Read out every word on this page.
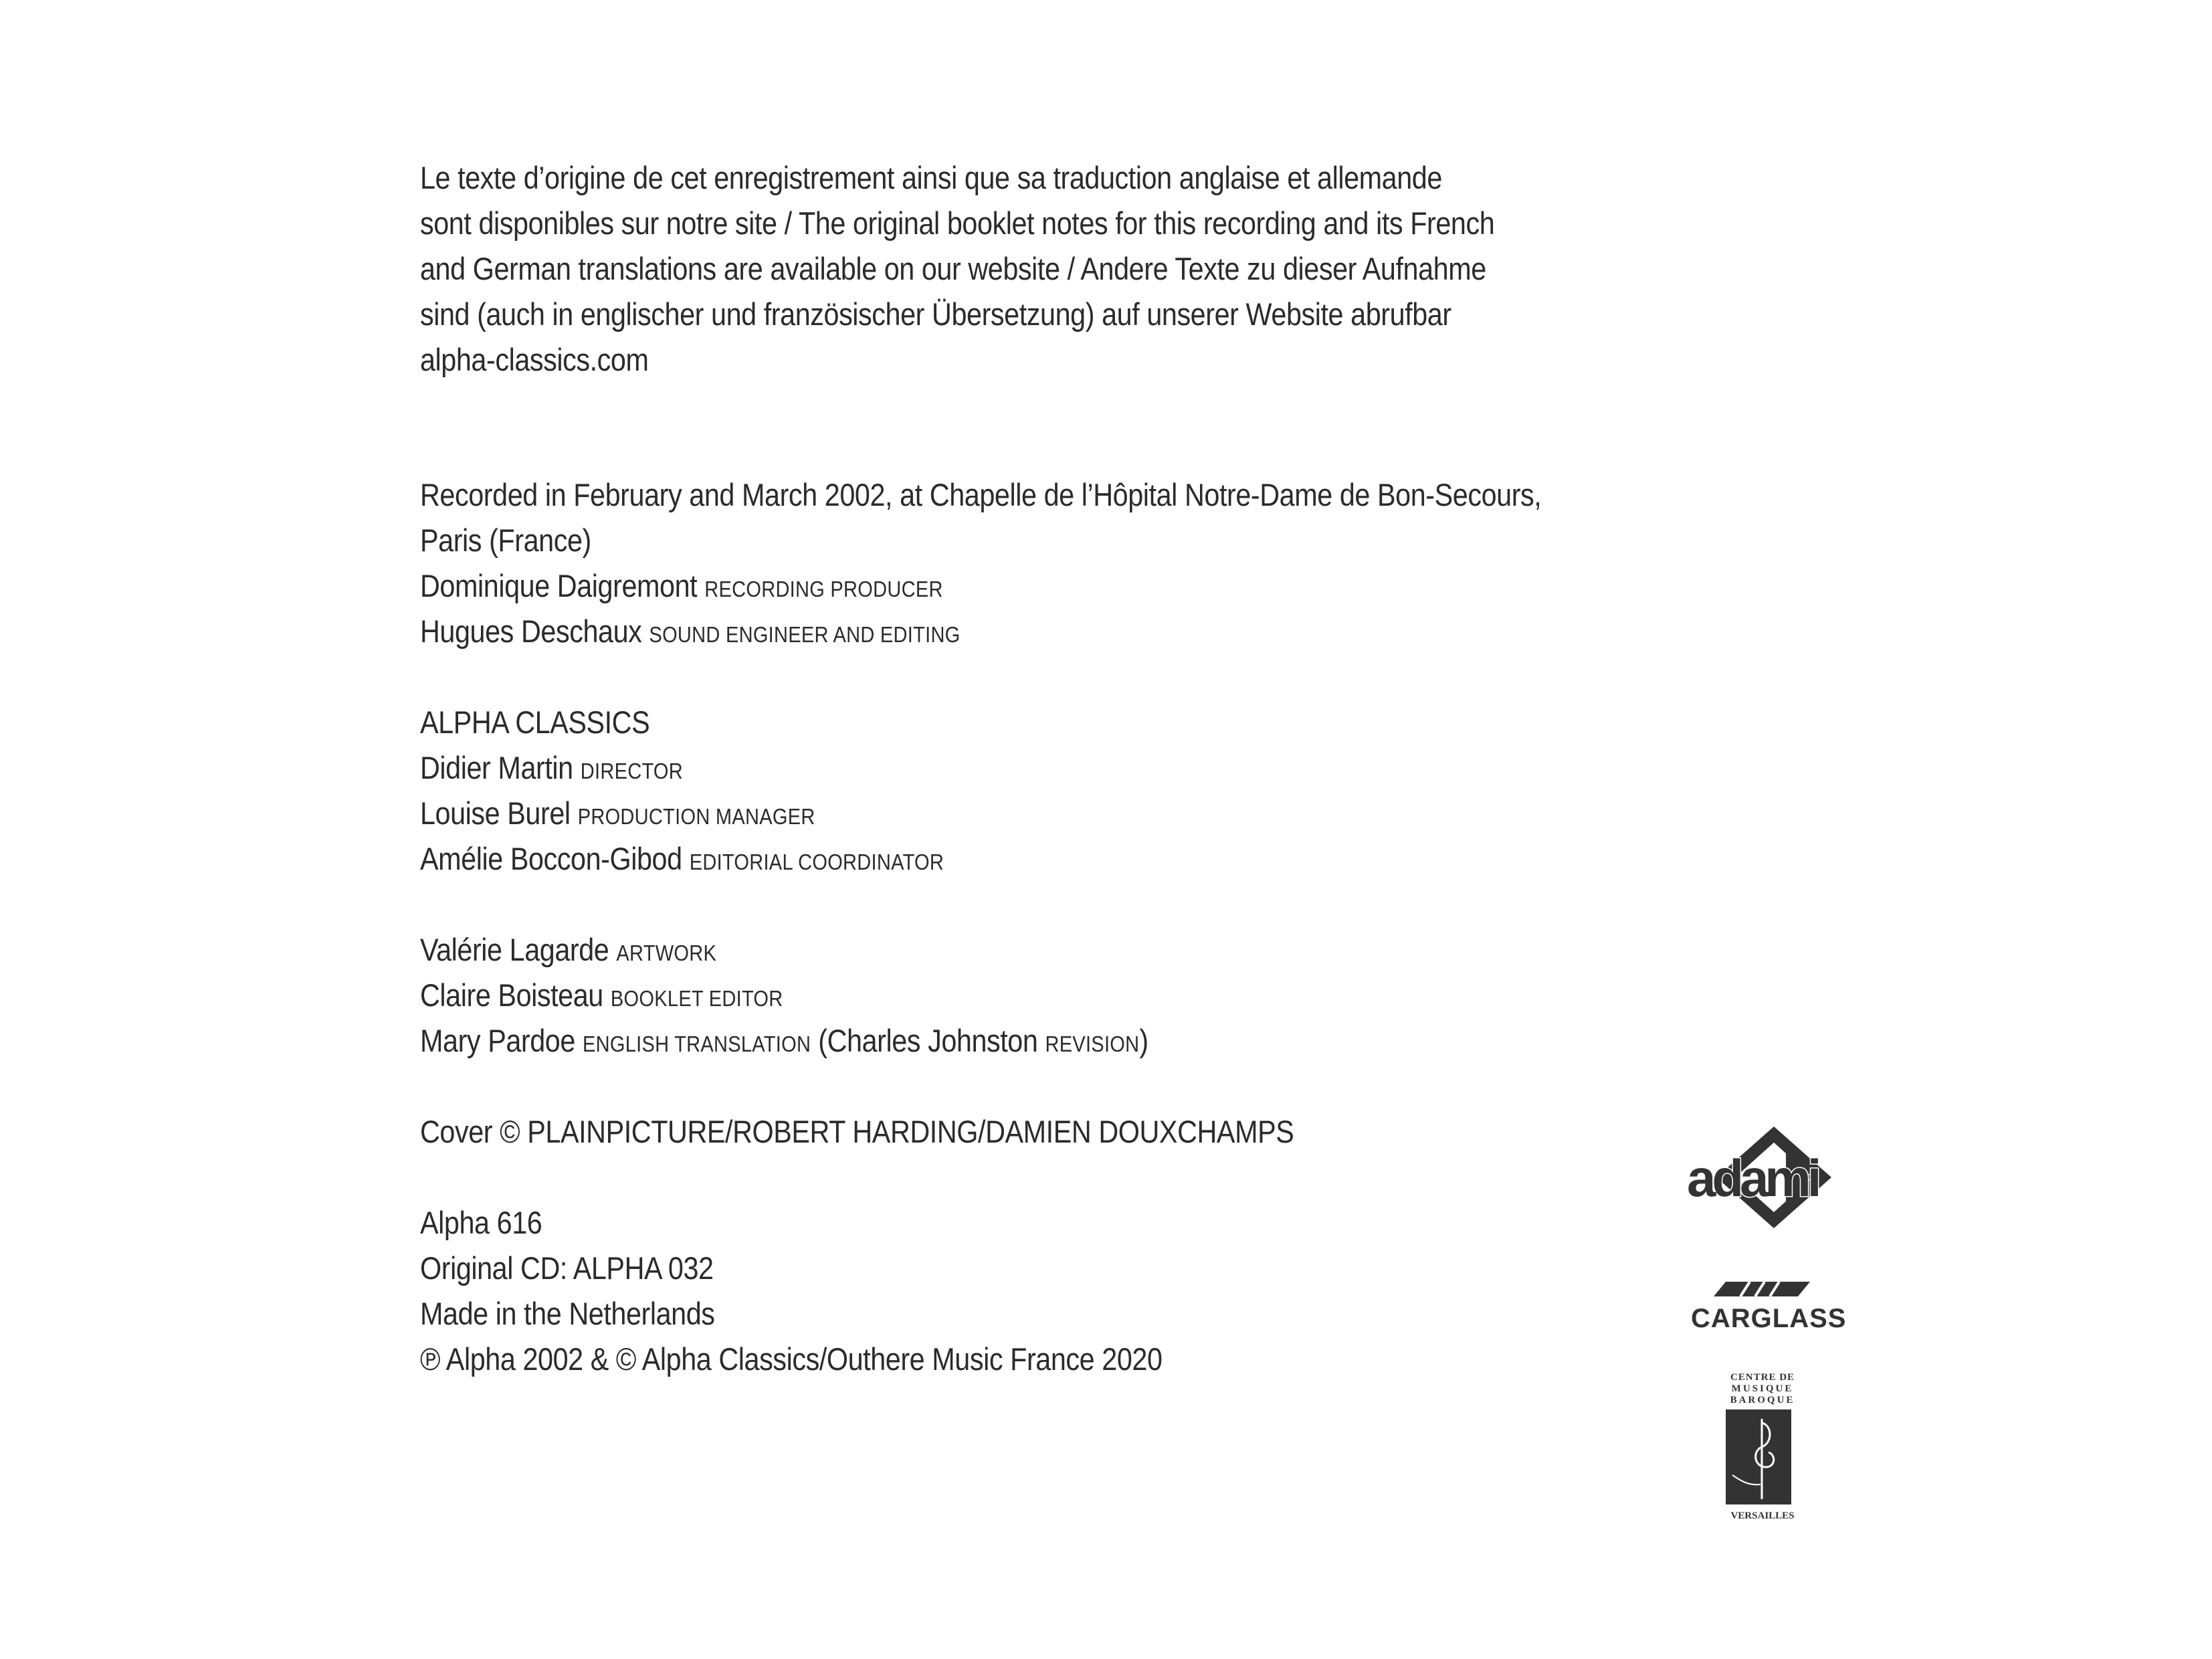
Le texte d’origine de cet enregistrement ainsi que sa traduction anglaise et allemande
sont disponibles sur notre site / The original booklet notes for this recording and its French
and German translations are available on our website / Andere Texte zu dieser Aufnahme
sind (auch in englischer und französischer Übersetzung) auf unserer Website abrufbar
alpha-classics.com
Recorded in February and March 2002, at Chapelle de l’Hôpital Notre-Dame de Bon-Secours,
Paris (France)
Dominique Daigremont RECORDING PRODUCER
Hugues Deschaux SOUND ENGINEER AND EDITING
ALPHA CLASSICS
Didier Martin DIRECTOR
Louise Burel PRODUCTION MANAGER
Amélie Boccon-Gibod EDITORIAL COORDINATOR
Valérie Lagarde ARTWORK
Claire Boisteau BOOKLET EDITOR
Mary Pardoe ENGLISH TRANSLATION (Charles Johnston REVISION)
Cover © PLAINPICTURE/ROBERT HARDING/DAMIEN DOUXCHAMPS
Alpha 616
Original CD: ALPHA 032
Made in the Netherlands
℗ Alpha 2002 & © Alpha Classics/Outhere Music France 2020
adami
CARGLASS
CENTRE DE
MUSIQUE
BAROQUE
VERSAILLES
